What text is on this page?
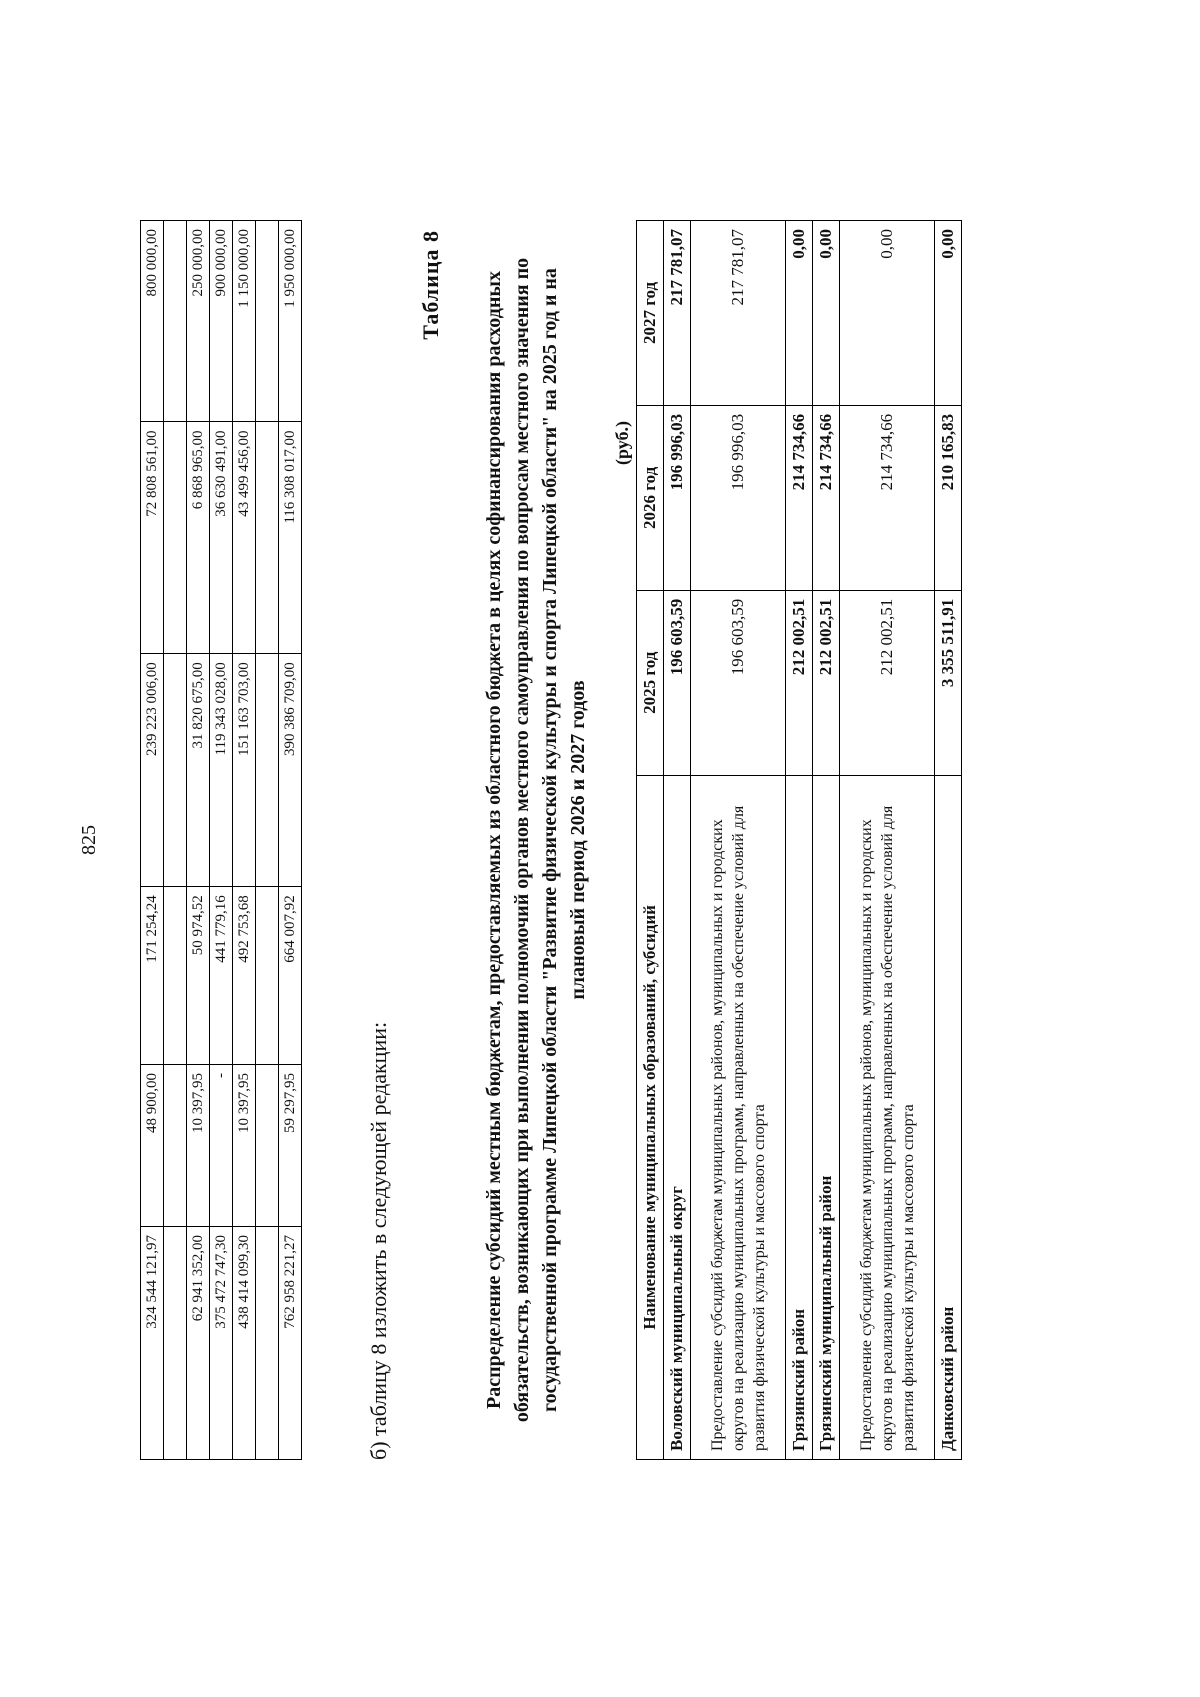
825
324 544 121,97	48 900,00	171 254,24	239 223 006,00	72 808 561,00	800 000,00

62 941 352,00	10 397,95	50 974,52	31 820 675,00	6 868 965,00	250 000,00
375 472 747,30	-	441 779,16	119 343 028,00	36 630 491,00	900 000,00
438 414 099,30	10 397,95	492 753,68	151 163 703,00	43 499 456,00	1 150 000,00

762 958 221,27	59 297,95	664 007,92	390 386 709,00	116 308 017,00	1 950 000,00
б) таблицу 8 изложить в следующей редакции:
Таблица 8 Распределение субсидий местным бюджетам, предоставляемых из областного бюджета в целях софинансирования расходных обязательств, возникающих при выполнении полномочий органов местного самоуправления по вопросам местного значения по государственной программе Липецкой области "Развитие физической культуры и спорта Липецкой области" на 2025 год и на плановый период 2026 и 2027 годов
(руб.)
Наименование муниципальных образований, субсидий	2025 год	2026 год	2027 год
Воловский муниципальный округ	196 603,59	196 996,03	217 781,07
Предоставление субсидий бюджетам муниципальных районов, муниципальных и городских округов на реализацию муниципальных программ, направленных на обеспечение условий для развития физической культуры и массового спорта	196 603,59	196 996,03	217 781,07
Грязинский район	212 002,51	214 734,66	0,00
Грязинский муниципальный район	212 002,51	214 734,66	0,00
Предоставление субсидий бюджетам муниципальных районов, муниципальных и городских округов на реализацию муниципальных программ, направленных на обеспечение условий для развития физической культуры и массового спорта	212 002,51	214 734,66	0,00
Данковский район	3 355 511,91	210 165,83	0,00
